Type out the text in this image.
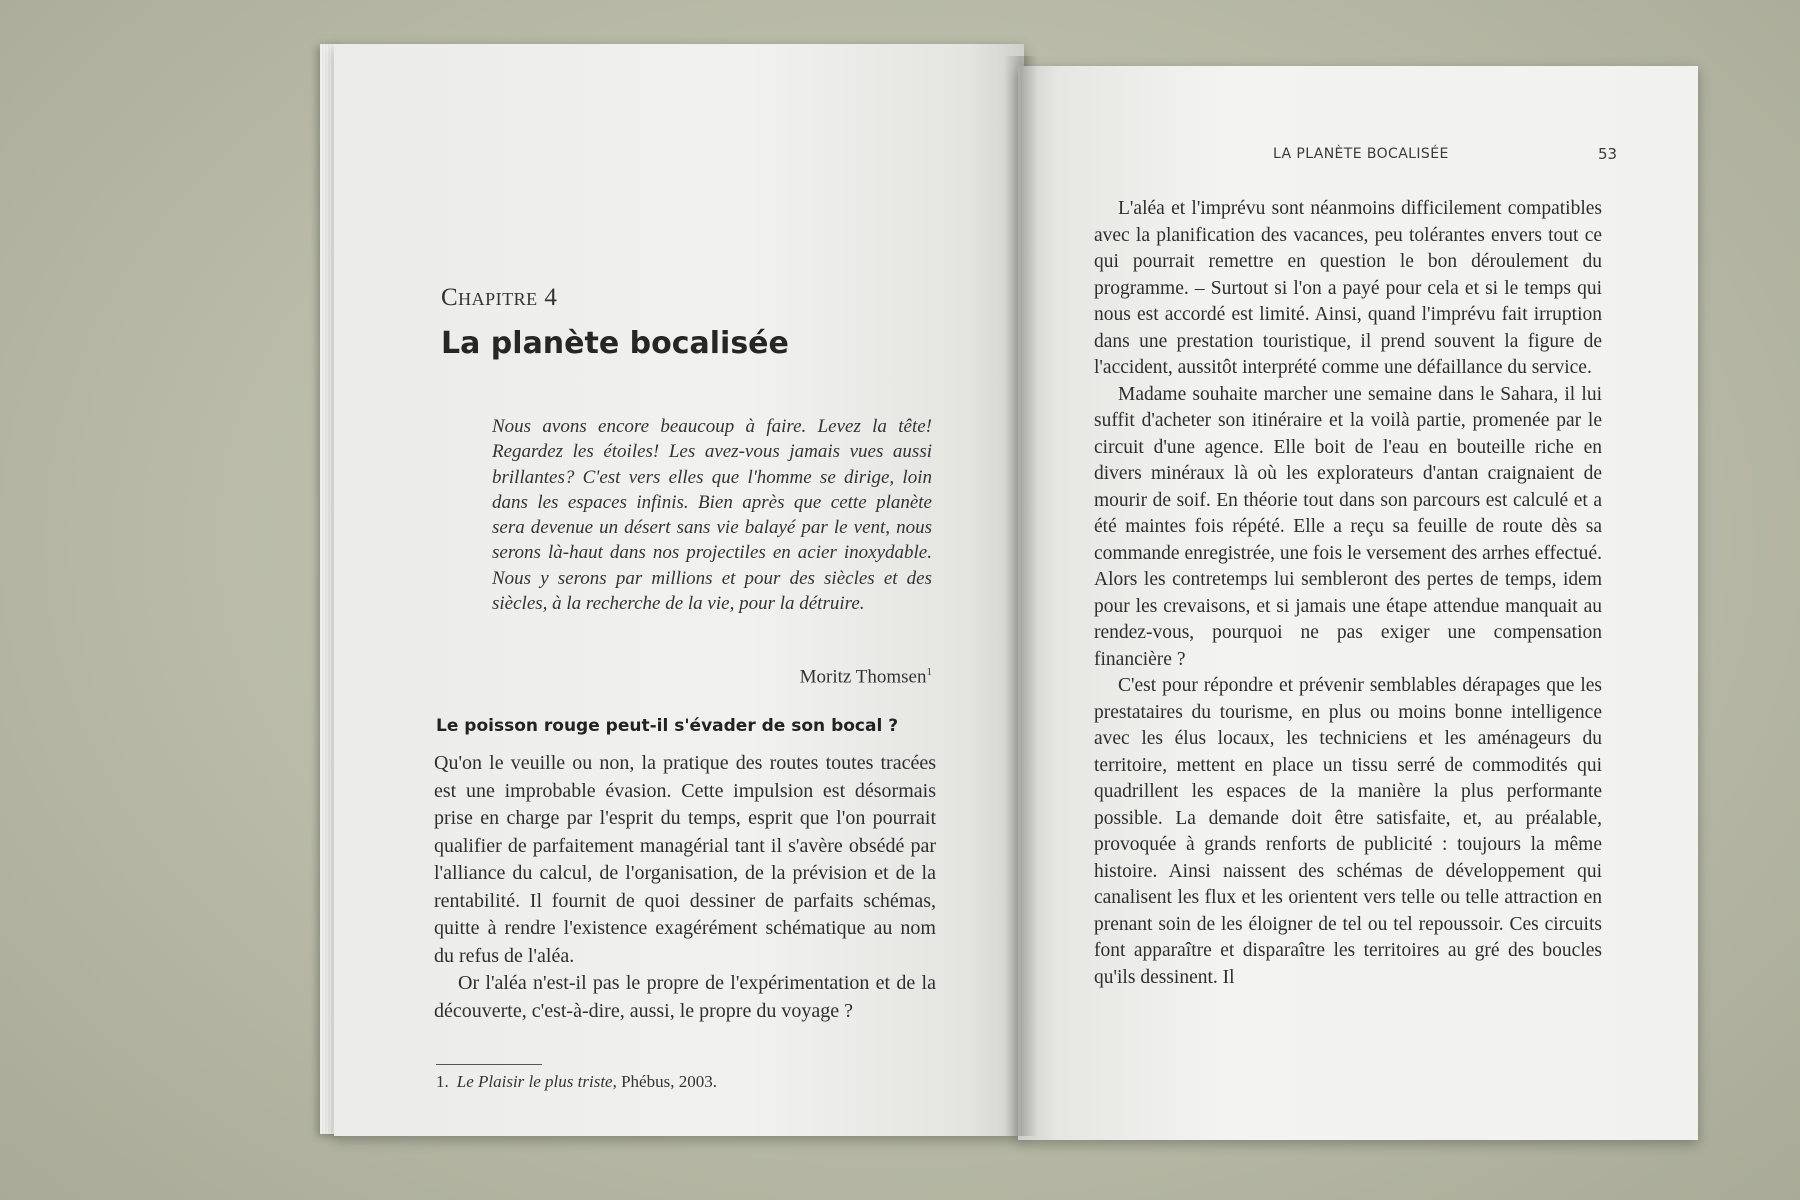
Chapitre 4
La planète bocalisée
Nous avons encore beaucoup à faire. Levez la tête! Regardez les étoiles! Les avez-vous jamais vues aussi brillantes? C'est vers elles que l'homme se dirige, loin dans les espaces infinis. Bien après que cette planète sera devenue un désert sans vie balayé par le vent, nous serons là-haut dans nos projectiles en acier inoxydable. Nous y serons par millions et pour des siècles et des siècles, à la recherche de la vie, pour la détruire.
Moritz Thomsen$^1$
Le poisson rouge peut-il s'évader de son bocal ?

Qu'on le veuille ou non, la pratique des routes toutes tracées est une improbable évasion. Cette impulsion est désormais prise en charge par l'esprit du temps, esprit que l'on pourrait qualifier de parfaitement managérial tant il s'avère obsédé par l'alliance du calcul, de l'organisation, de la prévision et de la rentabilité. Il fournit de quoi dessiner de parfaits schémas, quitte à rendre l'existence exagérément schématique au nom du refus de l'aléa.

Or l'aléa n'est-il pas le propre de l'expérimentation et de la découverte, c'est-à-dire, aussi, le propre du voyage ?

1. Le Plaisir le plus triste, Phébus, 2003.
LA PLANÈTE BOCALISÉE	53

L'aléa et l'imprévu sont néanmoins difficilement compatibles avec la planification des vacances, peu tolérantes envers tout ce qui pourrait remettre en question le bon déroulement du programme. – Surtout si l'on a payé pour cela et si le temps qui nous est accordé est limité. Ainsi, quand l'imprévu fait irruption dans une prestation touristique, il prend souvent la figure de l'accident, aussitôt interprété comme une défaillance du service.

Madame souhaite marcher une semaine dans le Sahara, il lui suffit d'acheter son itinéraire et la voilà partie, promenée par le circuit d'une agence. Elle boit de l'eau en bouteille riche en divers minéraux là où les explorateurs d'antan craignaient de mourir de soif. En théorie tout dans son parcours est calculé et a été maintes fois répété. Elle a reçu sa feuille de route dès sa commande enregistrée, une fois le versement des arrhes effectué. Alors les contretemps lui sembleront des pertes de temps, idem pour les crevaisons, et si jamais une étape attendue manquait au rendez-vous, pourquoi ne pas exiger une compensation financière ?

C'est pour répondre et prévenir semblables dérapages que les prestataires du tourisme, en plus ou moins bonne intelligence avec les élus locaux, les techniciens et les aménageurs du territoire, mettent en place un tissu serré de commodités qui quadrillent les espaces de la manière la plus performante possible. La demande doit être satisfaite, et, au préalable, provoquée à grands renforts de publicité : toujours la même histoire. Ainsi naissent des schémas de développement qui canalisent les flux et les orientent vers telle ou telle attraction en prenant soin de les éloigner de tel ou tel repoussoir. Ces circuits font apparaître et disparaître les territoires au gré des boucles qu'ils dessinent. Il
